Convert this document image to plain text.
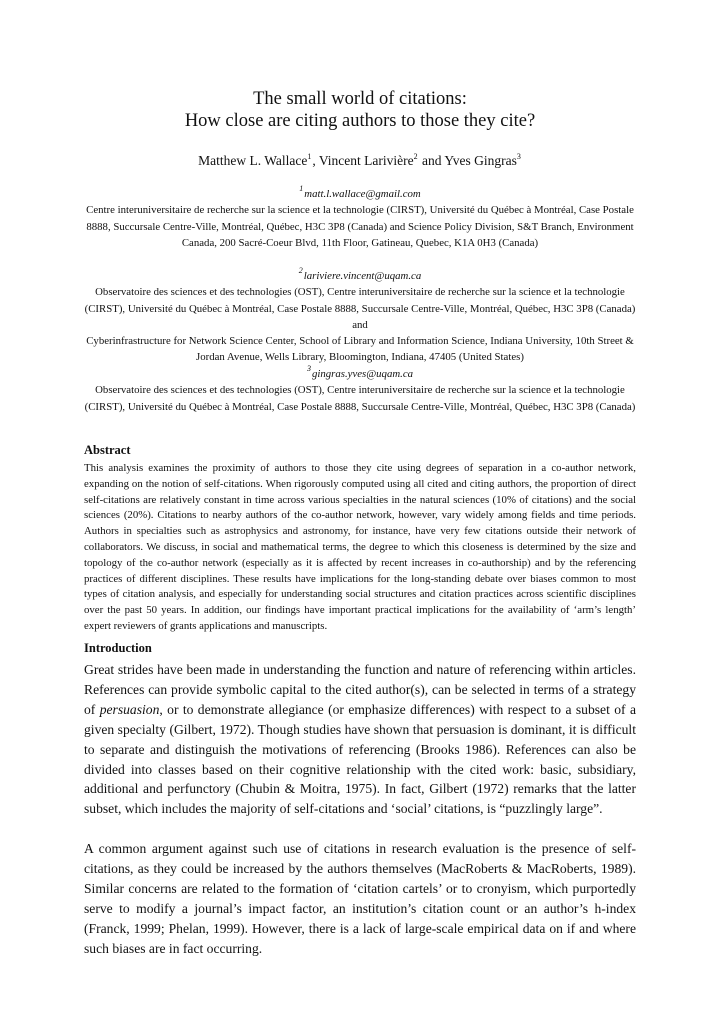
The small world of citations:
How close are citing authors to those they cite?
Matthew L. Wallace$^1$, Vincent Larivière$^2$ and Yves Gingras$^3$
$^1$matt.l.wallace@gmail.com
Centre interuniversitaire de recherche sur la science et la technologie (CIRST), Université du Québec à Montréal, Case Postale 8888, Succursale Centre-Ville, Montréal, Québec, H3C 3P8 (Canada) and Science Policy Division, S&T Branch, Environment Canada, 200 Sacré-Coeur Blvd, 11th Floor, Gatineau, Quebec, K1A 0H3 (Canada)
$^2$lariviere.vincent@uqam.ca
Observatoire des sciences et des technologies (OST), Centre interuniversitaire de recherche sur la science et la technologie (CIRST), Université du Québec à Montréal, Case Postale 8888, Succursale Centre-Ville, Montréal, Québec, H3C 3P8 (Canada) and
Cyberinfrastructure for Network Science Center, School of Library and Information Science, Indiana University, 10th Street & Jordan Avenue, Wells Library, Bloomington, Indiana, 47405 (United States)
$^3$gingras.yves@uqam.ca
Observatoire des sciences et des technologies (OST), Centre interuniversitaire de recherche sur la science et la technologie (CIRST), Université du Québec à Montréal, Case Postale 8888, Succursale Centre-Ville, Montréal, Québec, H3C 3P8 (Canada)
Abstract
This analysis examines the proximity of authors to those they cite using degrees of separation in a co-author network, expanding on the notion of self-citations. When rigorously computed using all cited and citing authors, the proportion of direct self-citations are relatively constant in time across various specialties in the natural sciences (10% of citations) and the social sciences (20%). Citations to nearby authors of the co-author network, however, vary widely among fields and time periods. Authors in specialties such as astrophysics and astronomy, for instance, have very few citations outside their network of collaborators. We discuss, in social and mathematical terms, the degree to which this closeness is determined by the size and topology of the co-author network (especially as it is affected by recent increases in co-authorship) and by the referencing practices of different disciplines. These results have implications for the long-standing debate over biases common to most types of citation analysis, and especially for understanding social structures and citation practices across scientific disciplines over the past 50 years. In addition, our findings have important practical implications for the availability of ‘arm’s length’ expert reviewers of grants applications and manuscripts.
Introduction
Great strides have been made in understanding the function and nature of referencing within articles. References can provide symbolic capital to the cited author(s), can be selected in terms of a strategy of persuasion, or to demonstrate allegiance (or emphasize differences) with respect to a subset of a given specialty (Gilbert, 1972). Though studies have shown that persuasion is dominant, it is difficult to separate and distinguish the motivations of referencing (Brooks 1986). References can also be divided into classes based on their cognitive relationship with the cited work: basic, subsidiary, additional and perfunctory (Chubin & Moitra, 1975). In fact, Gilbert (1972) remarks that the latter subset, which includes the majority of self-citations and ‘social’ citations, is “puzzlingly large”.
A common argument against such use of citations in research evaluation is the presence of self-citations, as they could be increased by the authors themselves (MacRoberts & MacRoberts, 1989). Similar concerns are related to the formation of ‘citation cartels’ or to cronyism, which purportedly serve to modify a journal’s impact factor, an institution’s citation count or an author’s h-index (Franck, 1999; Phelan, 1999). However, there is a lack of large-scale empirical data on if and where such biases are in fact occurring.
